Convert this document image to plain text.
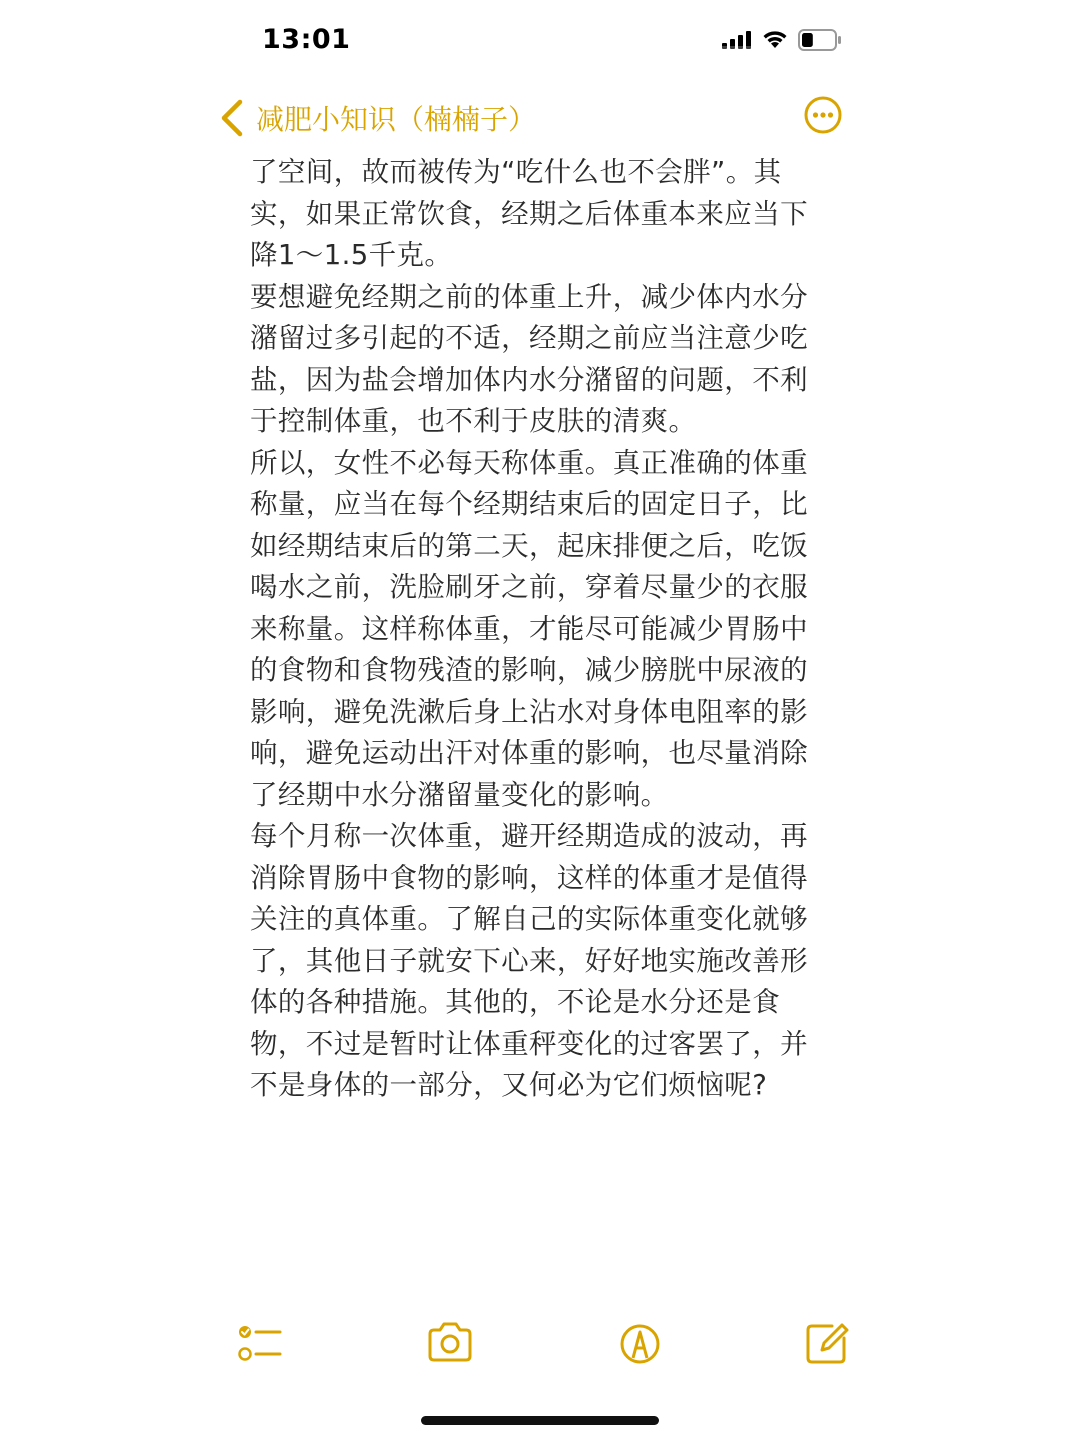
13:01
减肥小知识（楠楠子）

了空间，故而被传为“吃什么也不会胖”。其实，如果正常饮食，经期之后体重本来应当下降1～1.5千克。

要想避免经期之前的体重上升，减少体内水分潴留过多引起的不适，经期之前应当注意少吃盐，因为盐会增加体内水分潴留的问题，不利于控制体重，也不利于皮肤的清爽。

所以，女性不必每天称体重。真正准确的体重称量，应当在每个经期结束后的固定日子，比如经期结束后的第二天，起床排便之后，吃饭喝水之前，洗脸刷牙之前，穿着尽量少的衣服来称量。这样称体重，才能尽可能减少胃肠中的食物和食物残渣的影响，减少膀胱中尿液的影响，避免洗漱后身上沾水对身体电阻率的影响，避免运动出汗对体重的影响，也尽量消除了经期中水分潴留量变化的影响。

每个月称一次体重，避开经期造成的波动，再消除胃肠中食物的影响，这样的体重才是值得关注的真体重。了解自己的实际体重变化就够了，其他日子就安下心来，好好地实施改善形体的各种措施。其他的，不论是水分还是食物，不过是暂时让体重秤变化的过客罢了，并不是身体的一部分，又何必为它们烦恼呢?
